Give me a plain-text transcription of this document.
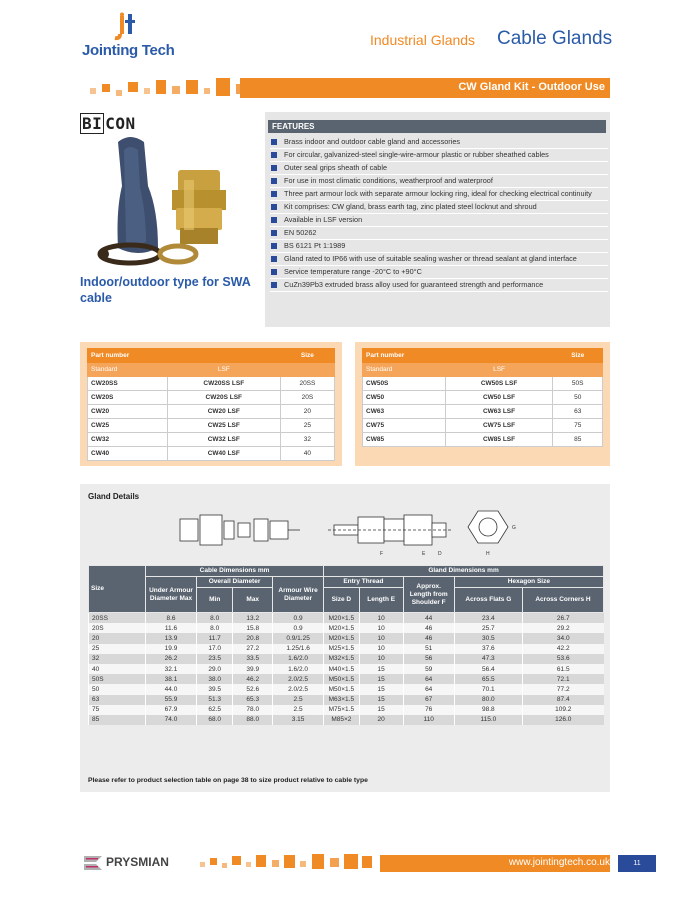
Jointing Tech
Industrial Glands Cable Glands
CW Gland Kit - Outdoor Use
BI CON
Indoor/outdoor type for SWA cable
FEATURES
Brass indoor and outdoor cable gland and accessories
For circular, galvanized-steel single-wire-armour plastic or rubber sheathed cables
Outer seal grips sheath of cable
For use in most climatic conditions, weatherproof and waterproof
Three part armour lock with separate armour locking ring, ideal for checking electrical continuity
Kit comprises: CW gland, brass earth tag, zinc plated steel locknut and shroud
Available in LSF version
EN 50262
BS 6121 Pt 1:1989
Gland rated to IP66 with use of suitable sealing washer or thread sealant at gland interface
Service temperature range -20°C to +90°C
CuZn39Pb3 extruded brass alloy used for guaranteed strength and performance
Part number		Size
Standard	LSF	
CW20SS	CW20SS LSF	20SS
CW20S	CW20S LSF	20S
CW20	CW20 LSF	20
CW25	CW25 LSF	25
CW32	CW32 LSF	32
CW40	CW40 LSF	40
Part number		Size
Standard	LSF	
CW50S	CW50S LSF	50S
CW50	CW50 LSF	50
CW63	CW63 LSF	63
CW75	CW75 LSF	75
CW85	CW85 LSF	85
Gland Details
F	E	D
G
H
Size	Cable Dimensions mm				Gland Dimensions mm				
	Under Armour Diameter Max	Overall Diameter		Armour Wire Diameter	Entry Thread		Approx. Length from Shoulder F	Hexagon Size	
		Min	Max		Size D	Length E		Across Flats G	Across Corners H
20SS	8.6	8.0	13.2	0.9	M20×1.5	10	44	23.4	26.7
20S	11.6	8.0	15.8	0.9	M20×1.5	10	46	25.7	29.2
20	13.9	11.7	20.8	0.9/1.25	M20×1.5	10	46	30.5	34.0
25	19.9	17.0	27.2	1.25/1.6	M25×1.5	10	51	37.6	42.2
32	26.2	23.5	33.5	1.6/2.0	M32×1.5	10	56	47.3	53.6
40	32.1	29.0	39.9	1.6/2.0	M40×1.5	15	59	56.4	61.5
50S	38.1	38.0	46.2	2.0/2.5	M50×1.5	15	64	65.5	72.1
50	44.0	39.5	52.6	2.0/2.5	M50×1.5	15	64	70.1	77.2
63	55.9	51.3	65.3	2.5	M63×1.5	15	67	80.0	87.4
75	67.9	62.5	78.0	2.5	M75×1.5	15	76	98.8	109.2
85	74.0	68.0	88.0	3.15	M85×2	20	110	115.0	126.0
Please refer to product selection table on page 38 to size product relative to cable type
PRYSMIAN	www.jointingtech.co.uk	11
